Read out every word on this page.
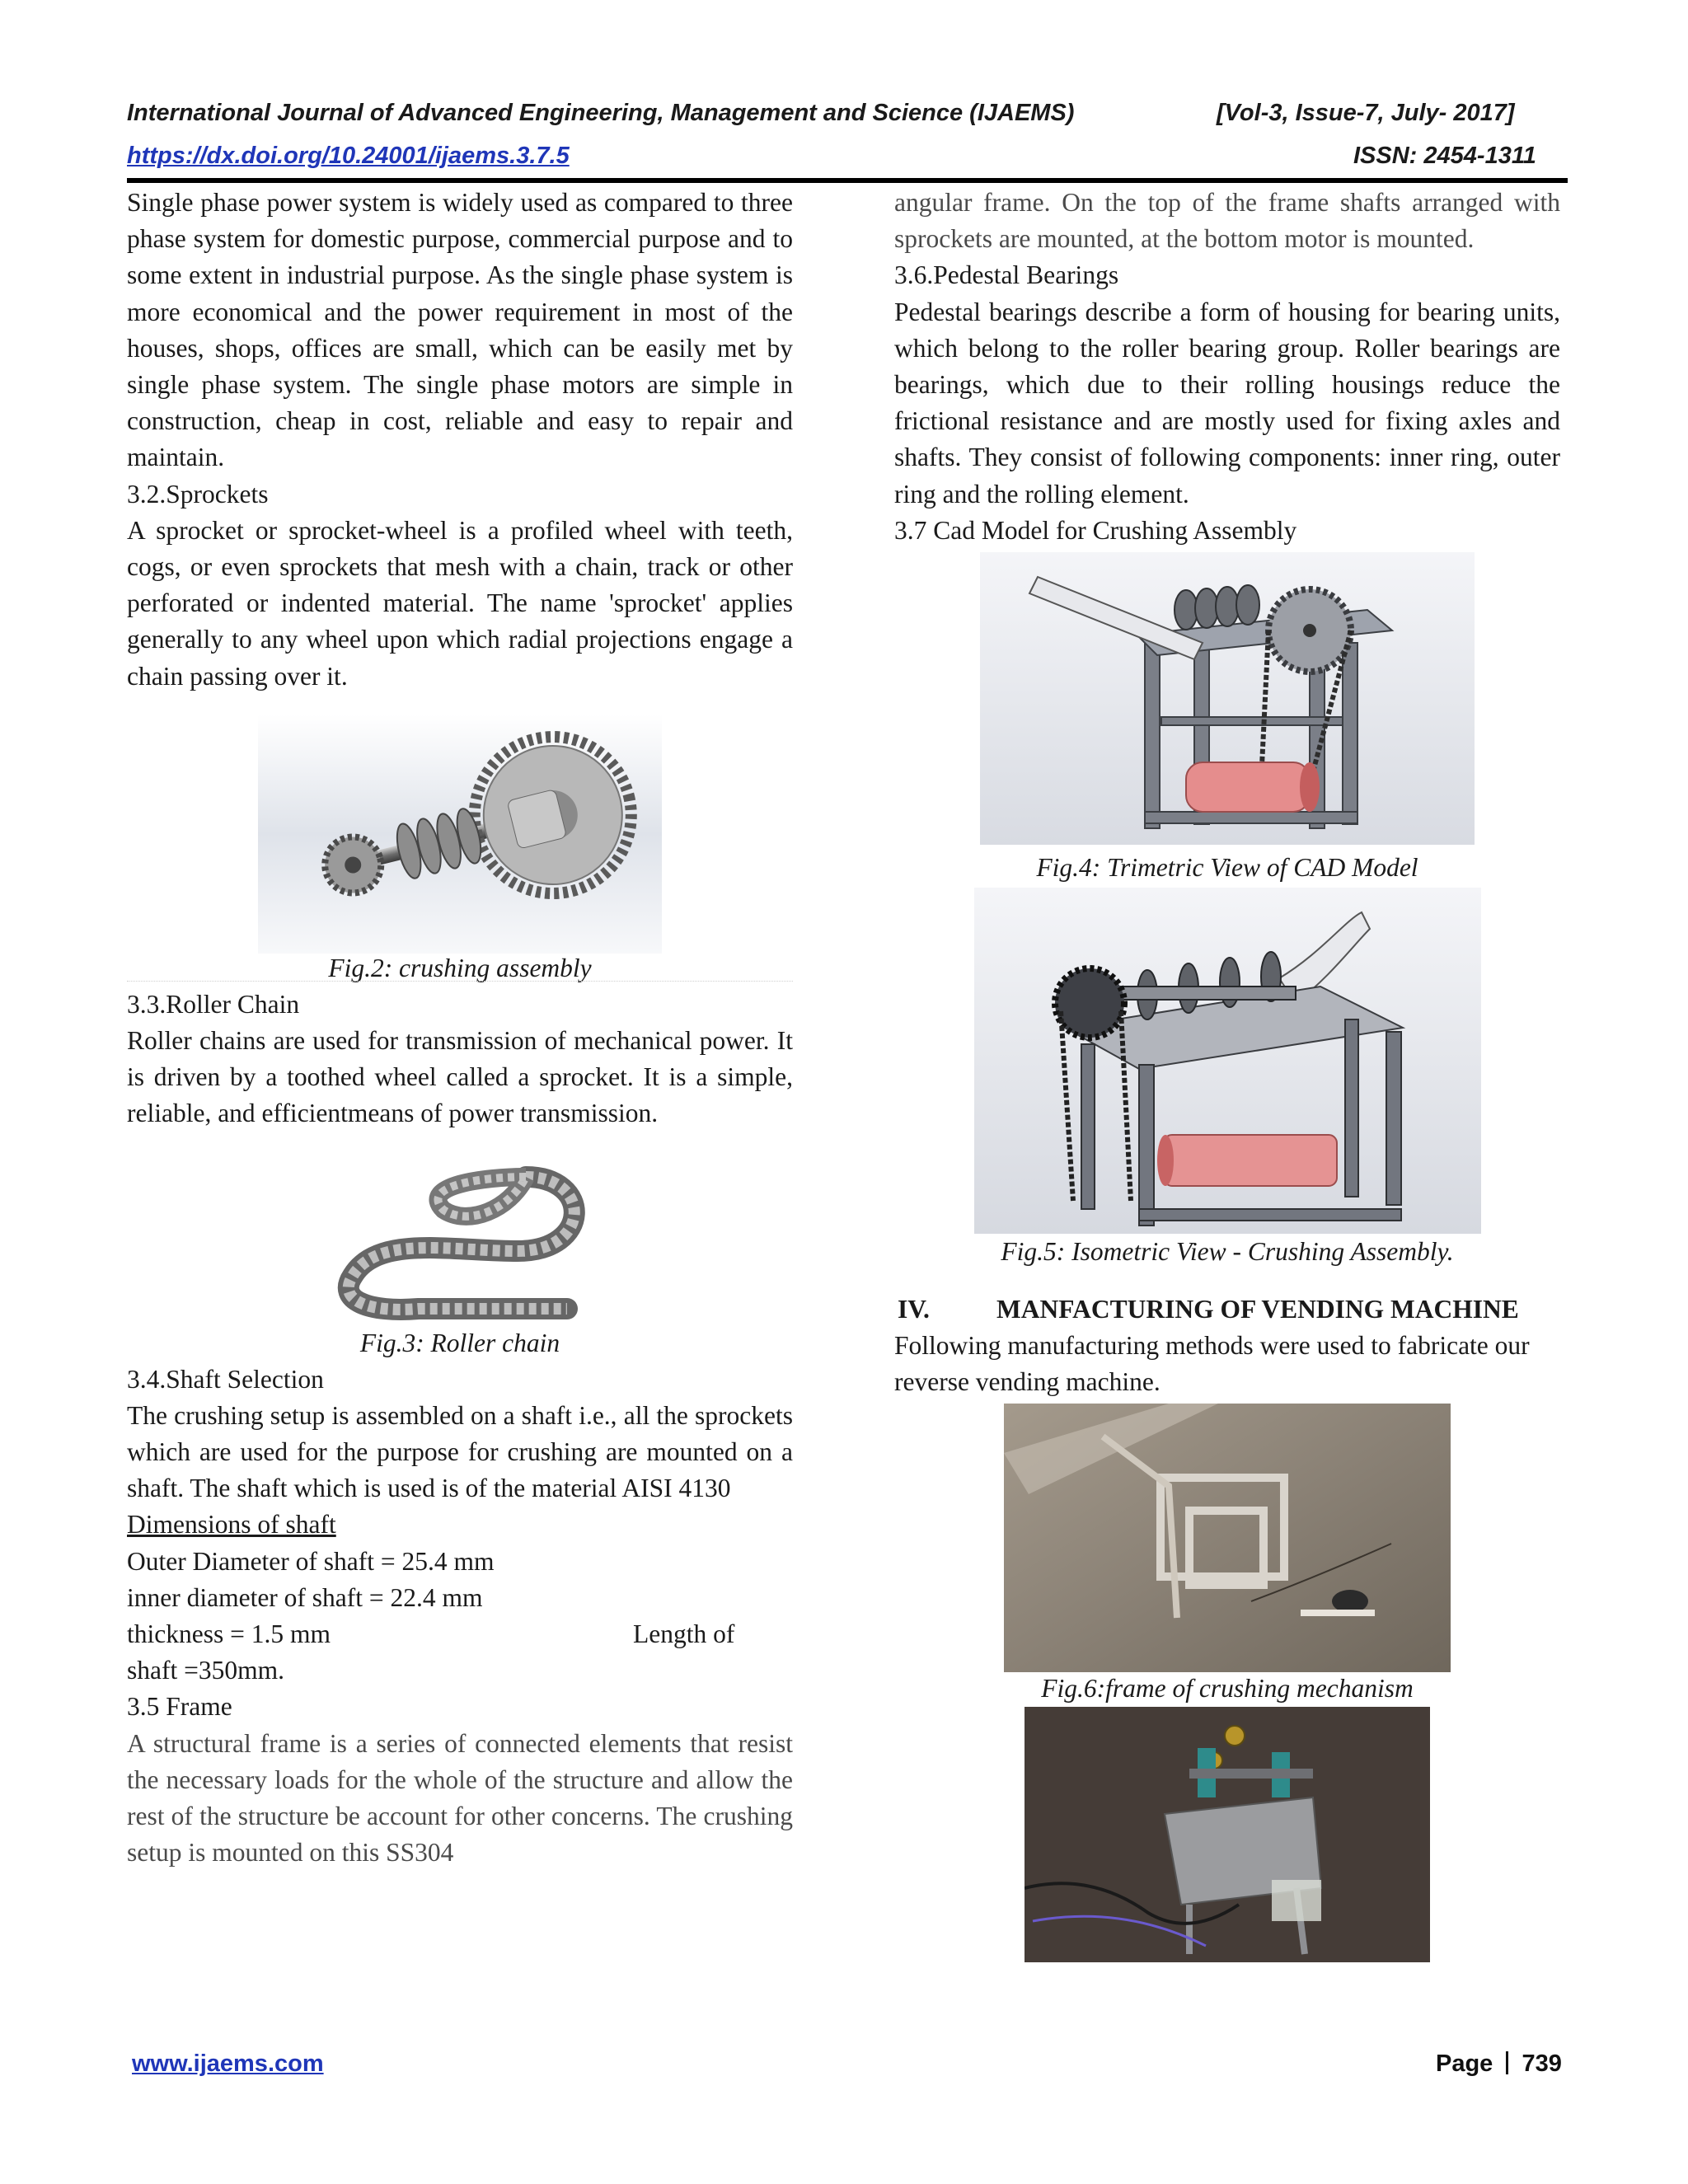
International Journal of Advanced Engineering, Management and Science (IJAEMS)	[Vol-3, Issue-7, July- 2017]
https://dx.doi.org/10.24001/ijaems.3.7.5	ISSN: 2454-1311

Single phase power system is widely used as compared to three phase system for domestic purpose, commercial purpose and to some extent in industrial purpose. As the single phase system is more economical and the power requirement in most of the houses, shops, offices are small, which can be easily met by single phase system. The single phase motors are simple in construction, cheap in cost, reliable and easy to repair and maintain.

3.2.Sprockets

A sprocket or sprocket-wheel is a profiled wheel with teeth, cogs, or even sprockets that mesh with a chain, track or other perforated or indented material. The name 'sprocket' applies generally to any wheel upon which radial projections engage a chain passing over it.

Fig.2: crushing assembly

3.3.Roller Chain

Roller chains are used for transmission of mechanical power. It is driven by a toothed wheel called a sprocket. It is a simple, reliable, and efficientmeans of power transmission.

Fig.3: Roller chain

3.4.Shaft Selection

The crushing setup is assembled on a shaft i.e., all the sprockets which are used for the purpose for crushing are mounted on a shaft. The shaft which is used is of the material AISI 4130

Dimensions of shaft

Outer Diameter of shaft = 25.4 mm

inner diameter of shaft = 22.4 mm

thickness = 1.5 mm	Length of

shaft =350mm.

3.5 Frame

A structural frame is a series of connected elements that resist the necessary loads for the whole of the structure and allow the rest of the structure be account for other concerns. The crushing setup is mounted on this SS304

angular frame. On the top of the frame shafts arranged with sprockets are mounted, at the bottom motor is mounted.

3.6.Pedestal Bearings

Pedestal bearings describe a form of housing for bearing units, which belong to the roller bearing group. Roller bearings are bearings, which due to their rolling housings reduce the frictional resistance and are mostly used for fixing axles and shafts. They consist of following components: inner ring, outer ring and the rolling element.

3.7 Cad Model for Crushing Assembly

Fig.4: Trimetric View of CAD Model

Fig.5: Isometric View - Crushing Assembly.

IV.	MANFACTURING OF VENDING MACHINE

Following manufacturing methods were used to fabricate our reverse vending machine.

Fig.6:frame of crushing mechanism

www.ijaems.com	Page 739
